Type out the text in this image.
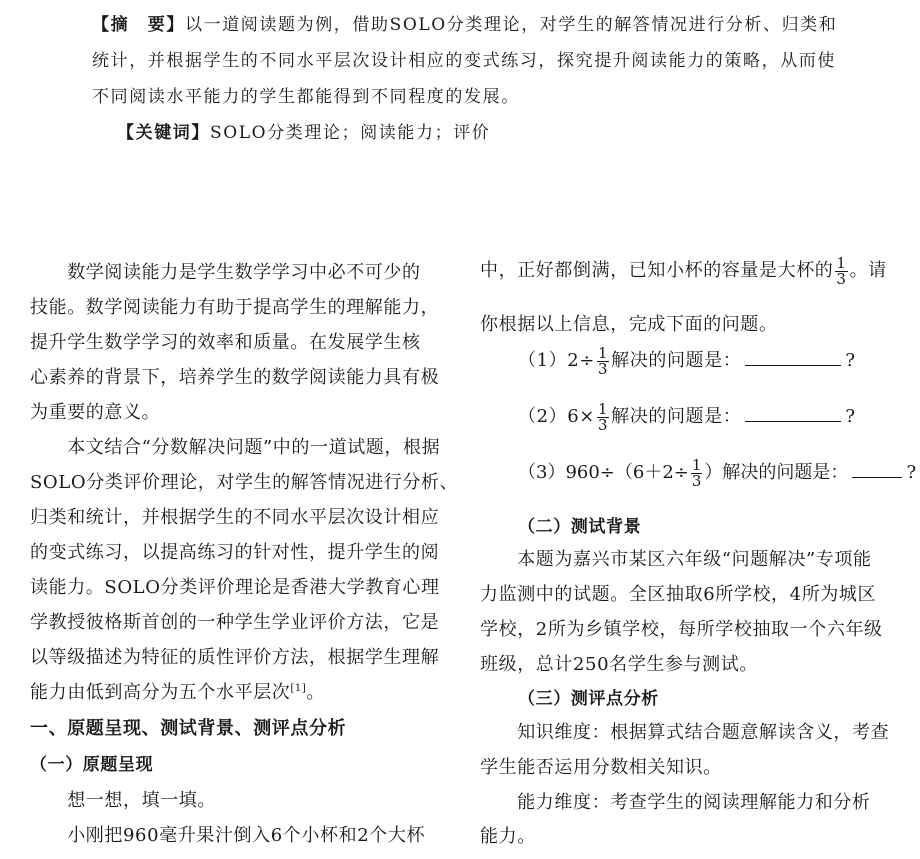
【摘　要】以一道阅读题为例，借助SOLO分类理论，对学生的解答情况进行分析、归类和
统计，并根据学生的不同水平层次设计相应的变式练习，探究提升阅读能力的策略，从而使
不同阅读水平能力的学生都能得到不同程度的发展。
【关键词】SOLO分类理论；阅读能力；评价
　　数学阅读能力是学生数学学习中必不可少的
技能。数学阅读能力有助于提高学生的理解能力，
提升学生数学学习的效率和质量。在发展学生核
心素养的背景下，培养学生的数学阅读能力具有极
为重要的意义。
　　本文结合“分数解决问题”中的一道试题，根据
SOLO分类评价理论，对学生的解答情况进行分析、
归类和统计，并根据学生的不同水平层次设计相应
的变式练习，以提高练习的针对性，提升学生的阅
读能力。SOLO分类评价理论是香港大学教育心理
学教授彼格斯首创的一种学生学业评价方法，它是
以等级描述为特征的质性评价方法，根据学生理解
能力由低到高分为五个水平层次[1]。
一、原题呈现、测试背景、测评点分析
（一）原题呈现
　　想一想，填一填。
　　小刚把960毫升果汁倒入6个小杯和2个大杯
中，正好都倒满，已知小杯的容量是大杯的 $\frac{1}{3}$ 。请
你根据以上信息，完成下面的问题。
$(1)2\div \frac{1}{3}$ 解决的问题是：	?
$(2)6\times \frac{1}{3}$ 解决的问题是：	?
$(3)960\div(6+2\div \frac{1}{3}$ ）解决的问题是：	?
（二）测试背景
　　本题为嘉兴市某区六年级“问题解决”专项能
力监测中的试题。全区抽取6所学校，4所为城区
学校，2所为乡镇学校，每所学校抽取一个六年级
班级，总计250名学生参与测试。
（三）测评点分析
　　知识维度：根据算式结合题意解读含义，考查
学生能否运用分数相关知识。
　　能力维度：考查学生的阅读理解能力和分析
能力。
